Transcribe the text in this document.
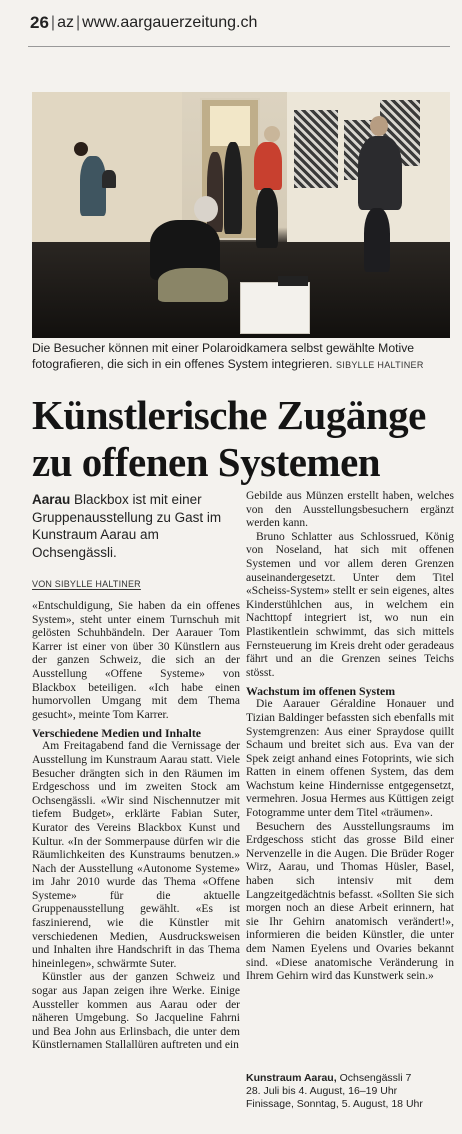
26 | az | www.aargauerzeitung.ch
Die Besucher können mit einer Polaroidkamera selbst gewählte Motive fotografieren, die sich in ein offenes System integrieren. SIBYLLE HALTINER
Künstlerische Zugänge zu offenen Systemen
Aarau Blackbox ist mit einer Gruppenausstellung zu Gast im Kunstraum Aarau am Ochsengässli.
VON SIBYLLE HALTINER

«Entschuldigung, Sie haben da ein offenes System», steht unter einem Turnschuh mit gelösten Schuhbändeln. Der Aarauer Tom Karrer ist einer von über 30 Künstlern aus der ganzen Schweiz, die sich an der Ausstellung «Offene Systeme» von Blackbox beteiligen. «Ich habe einen humorvollen Umgang mit dem Thema gesucht», meinte Tom Karrer.

Verschiedene Medien und Inhalte

Am Freitagabend fand die Vernissage der Ausstellung im Kunstraum Aarau statt. Viele Besucher drängten sich in den Räumen im Erdgeschoss und im zweiten Stock am Ochsengässli. «Wir sind Nischennutzer mit tiefem Budget», erklärte Fabian Suter, Kurator des Vereins Blackbox Kunst und Kultur. «In der Sommerpause dürfen wir die Räumlichkeiten des Kunstraums benutzen.» Nach der Ausstellung «Autonome Systeme» im Jahr 2010 wurde das Thema «Offene Systeme» für die aktuelle Gruppenausstellung gewählt. «Es ist faszinierend, wie die Künstler mit verschiedenen Medien, Ausdrucksweisen und Inhalten ihre Handschrift in das Thema hineinlegen», schwärmte Suter.

Künstler aus der ganzen Schweiz und sogar aus Japan zeigen ihre Werke. Einige Aussteller kommen aus Aarau oder der näheren Umgebung. So Jacqueline Fahrni und Bea John aus Erlinsbach, die unter dem Künstlernamen Stallallüren auftreten und ein

Gebilde aus Münzen erstellt haben, welches von den Ausstellungsbesuchern ergänzt werden kann.

Bruno Schlatter aus Schlossrued, König von Noseland, hat sich mit offenen Systemen und vor allem deren Grenzen auseinandergesetzt. Unter dem Titel «Scheiss-System» stellt er sein eigenes, altes Kinderstühlchen aus, in welchem ein Nachttopf integriert ist, wo nun ein Plastikentlein schwimmt, das sich mittels Fernsteuerung im Kreis dreht oder geradeaus fährt und an die Grenzen seines Teichs stösst.

Wachstum im offenen System

Die Aarauer Géraldine Honauer und Tizian Baldinger befassten sich ebenfalls mit Systemgrenzen: Aus einer Spraydose quillt Schaum und breitet sich aus. Eva van der Spek zeigt anhand eines Fotoprints, wie sich Ratten in einem offenen System, das dem Wachstum keine Hindernisse entgegensetzt, vermehren. Josua Hermes aus Küttigen zeigt Fotogramme unter dem Titel «träumen».

Besuchern des Ausstellungsraums im Erdgeschoss sticht das grosse Bild einer Nervenzelle in die Augen. Die Brüder Roger Wirz, Aarau, und Thomas Hüsler, Basel, haben sich intensiv mit dem Langzeitgedächtnis befasst. «Sollten Sie sich morgen noch an diese Arbeit erinnern, hat sie Ihr Gehirn anatomisch verändert!», informieren die beiden Künstler, die unter dem Namen Eyelens und Ovaries bekannt sind. «Diese anatomische Veränderung in Ihrem Gehirn wird das Kunstwerk sein.»

Kunstraum Aarau, Ochsengässli 7
28. Juli bis 4. August, 16–19 Uhr
Finissage, Sonntag, 5. August, 18 Uhr
